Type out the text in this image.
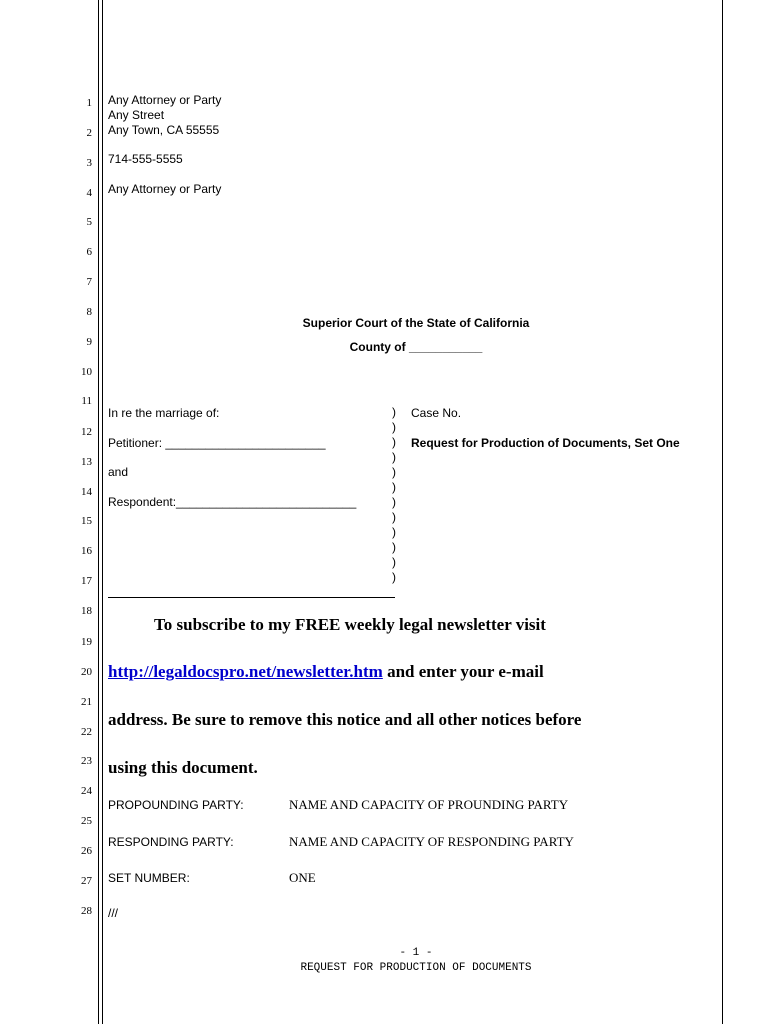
1
2
3
4
5
6
7
8
9
10
11
12
13
14
15
16
17
18
19
20
21
22
23
24
25
26
27
28
Any Attorney or Party
Any Street
Any Town, CA 55555
714-555-5555
Any Attorney or Party
Superior Court of the State of California
County of ___________
In re the marriage of:
Petitioner: ________________________
and
Respondent:___________________________
)
)
)
)
)
)
)
)
)
)
)
)
Case No.
Request for Production of Documents, Set One
To subscribe to my FREE weekly legal newsletter visit
http://legaldocspro.net/newsletter.htm and enter your e-mail
address. Be sure to remove this notice and all other notices before
using this document.
PROPOUNDING PARTY:	NAME AND CAPACITY OF PROUNDING PARTY
RESPONDING PARTY:	NAME AND CAPACITY OF RESPONDING PARTY
SET NUMBER:	ONE
///
- 1 -
REQUEST FOR PRODUCTION OF DOCUMENTS
